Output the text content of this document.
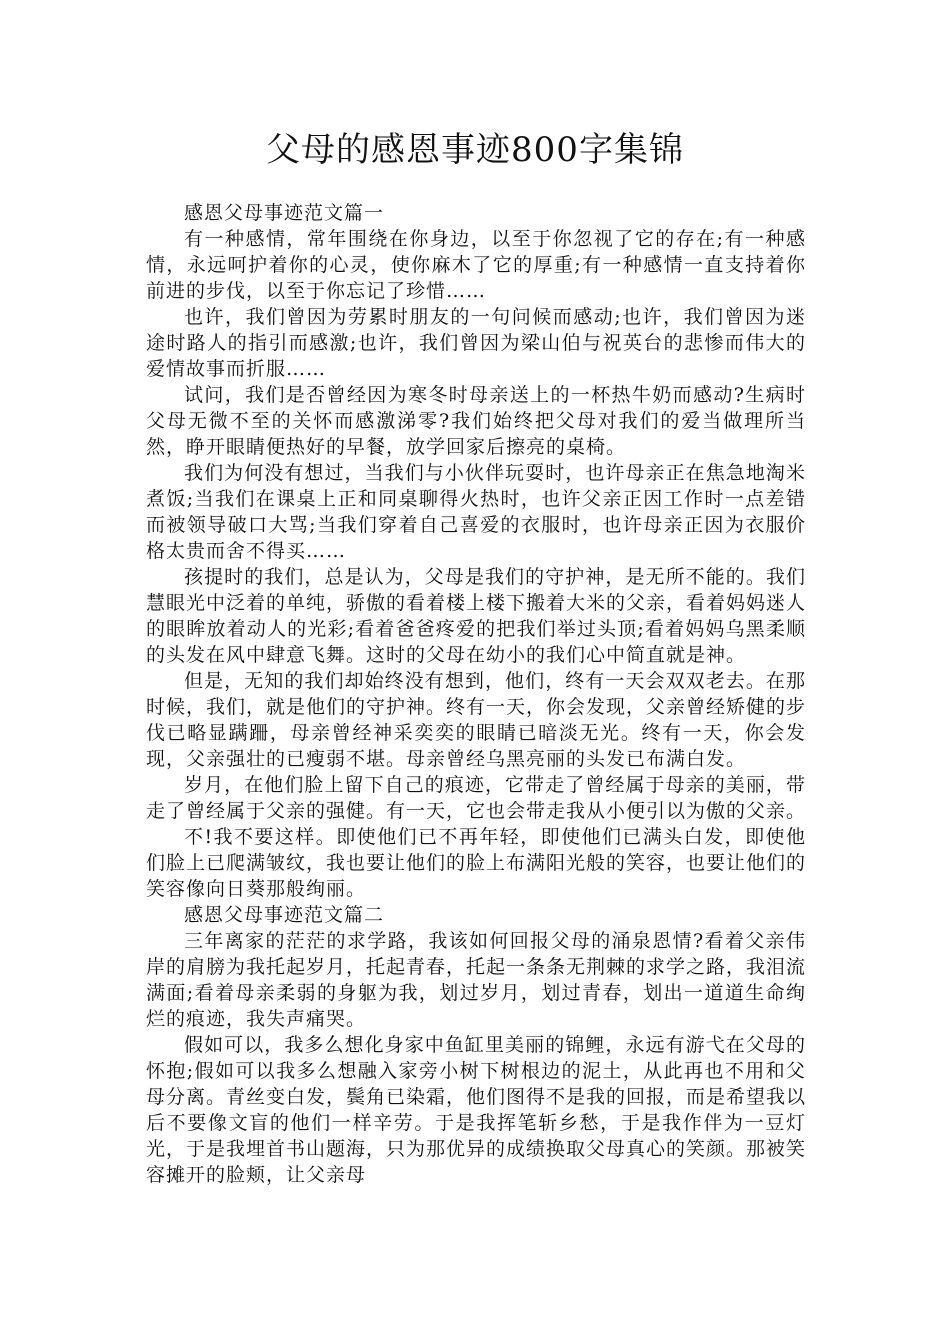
父母的感恩事迹800字集锦
感恩父母事迹范文篇一

有一种感情，常年围绕在你身边，以至于你忽视了它的存在;有一种感情，永远呵护着你的心灵，使你麻木了它的厚重;有一种感情一直支持着你前进的步伐，以至于你忘记了珍惜……

也许，我们曾因为劳累时朋友的一句问候而感动;也许，我们曾因为迷途时路人的指引而感激;也许，我们曾因为梁山伯与祝英台的悲惨而伟大的爱情故事而折服……

试问，我们是否曾经因为寒冬时母亲送上的一杯热牛奶而感动?生病时父母无微不至的关怀而感激涕零?我们始终把父母对我们的爱当做理所当然，睁开眼睛便热好的早餐，放学回家后擦亮的桌椅。

我们为何没有想过，当我们与小伙伴玩耍时，也许母亲正在焦急地淘米煮饭;当我们在课桌上正和同桌聊得火热时，也许父亲正因工作时一点差错而被领导破口大骂;当我们穿着自己喜爱的衣服时，也许母亲正因为衣服价格太贵而舍不得买……

孩提时的我们，总是认为，父母是我们的守护神，是无所不能的。我们慧眼光中泛着的单纯，骄傲的看着楼上楼下搬着大米的父亲，看着妈妈迷人的眼眸放着动人的光彩;看着爸爸疼爱的把我们举过头顶;看着妈妈乌黑柔顺的头发在风中肆意飞舞。这时的父母在幼小的我们心中简直就是神。

但是，无知的我们却始终没有想到，他们，终有一天会双双老去。在那时候，我们，就是他们的守护神。终有一天，你会发现，父亲曾经矫健的步伐已略显蹒跚，母亲曾经神采奕奕的眼睛已暗淡无光。终有一天，你会发现，父亲强壮的已瘦弱不堪。母亲曾经乌黑亮丽的头发已布满白发。

岁月，在他们脸上留下自己的痕迹，它带走了曾经属于母亲的美丽，带走了曾经属于父亲的强健。有一天，它也会带走我从小便引以为傲的父亲。

不!我不要这样。即使他们已不再年轻，即使他们已满头白发，即使他们脸上已爬满皱纹，我也要让他们的脸上布满阳光般的笑容，也要让他们的笑容像向日葵那般绚丽。

感恩父母事迹范文篇二

三年离家的茫茫的求学路，我该如何回报父母的涌泉恩情?看着父亲伟岸的肩膀为我托起岁月，托起青春，托起一条条无荆棘的求学之路，我泪流满面;看着母亲柔弱的身躯为我，划过岁月，划过青春，划出一道道生命绚烂的痕迹，我失声痛哭。

假如可以，我多么想化身家中鱼缸里美丽的锦鲤，永远有游弋在父母的怀抱;假如可以我多么想融入家旁小树下树根边的泥土，从此再也不用和父母分离。青丝变白发，鬓角已染霜，他们图得不是我的回报，而是希望我以后不要像文盲的他们一样辛劳。于是我挥笔斩乡愁，于是我作伴为一豆灯光，于是我埋首书山题海，只为那优异的成绩换取父母真心的笑颜。那被笑容摊开的脸颊，让父亲母
